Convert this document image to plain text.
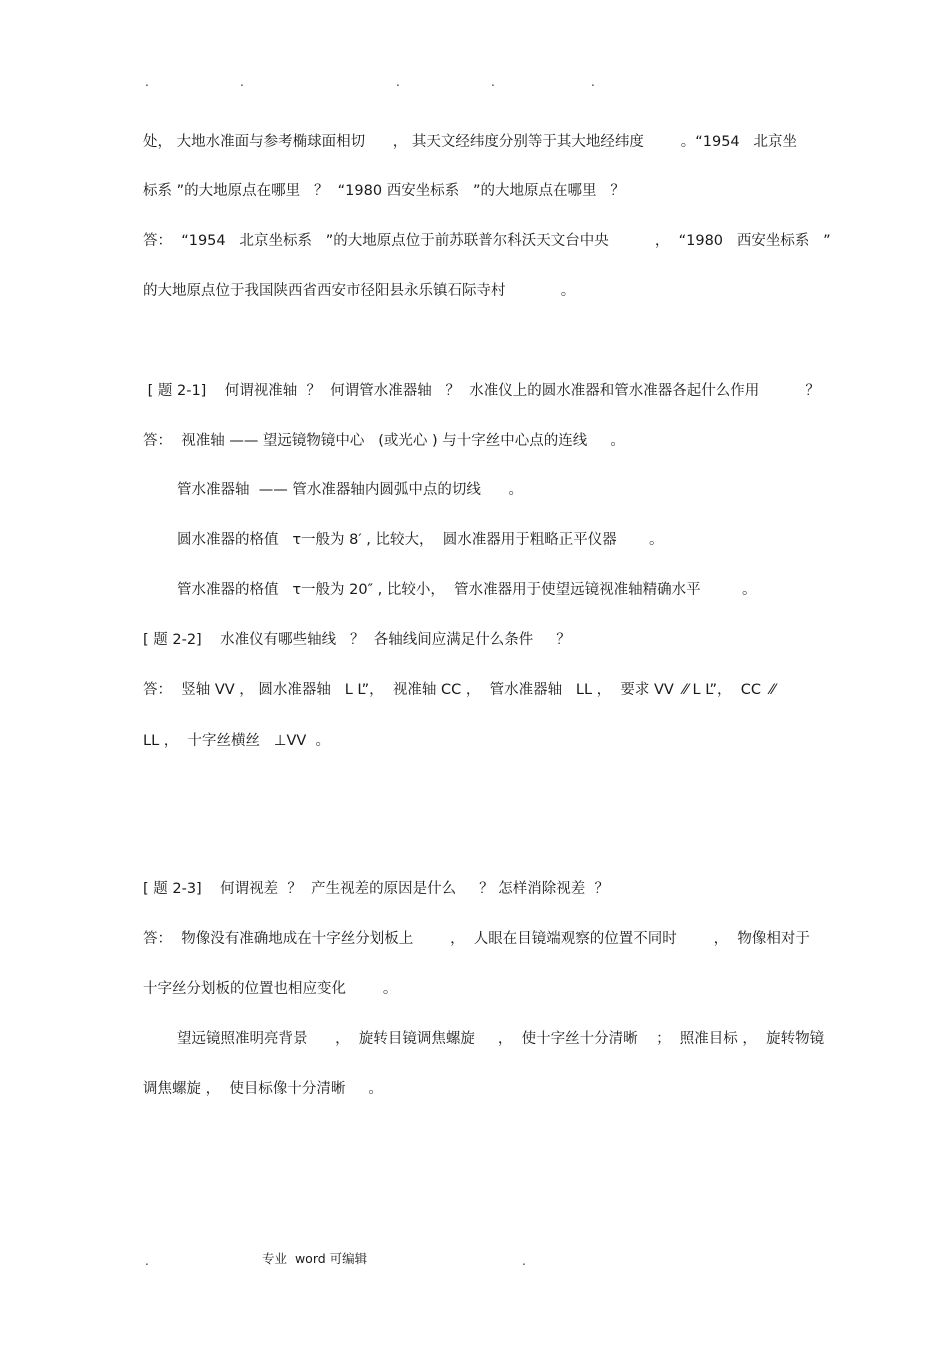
.	.	.	.	.
处， 大地水准面与参考椭球面相切      ， 其天文经纬度分别等于其大地经纬度        。“1954   北京坐
标系 ”的大地原点在哪里   ？  “1980 西安坐标系   ”的大地原点在哪里   ？
答：  “1954   北京坐标系   ”的大地原点位于前苏联普尔科沃天文台中央          ，  “1980   西安坐标系   ”
的大地原点位于我国陕西省西安市径阳县永乐镇石际寺村            。
[ 题 2-1]    何谓视准轴  ？  何谓管水准器轴   ？  水准仪上的圆水准器和管水准器各起什么作用          ？
答：  视准轴 —— 望远镜物镜中心   (或光心 ) 与十字丝中心点的连线     。
管水准器轴  —— 管水准器轴内圆弧中点的切线      。
圆水准器的格值   τ一般为 8′ , 比较大，  圆水准器用于粗略正平仪器       。
管水准器的格值   τ一般为 20″ , 比较小，  管水准器用于使望远镜视准轴精确水平         。
[ 题 2-2]    水准仪有哪些轴线   ？  各轴线间应满足什么条件     ？
答：  竖轴 VV ， 圆水准器轴   L L”，  视准轴 CC ，  管水准器轴   LL ，  要求 VV  ⁄⁄ L L”，  CC  ⁄⁄
LL ，  十字丝横丝   ⊥VV  。
[ 题 2-3]    何谓视差  ？  产生视差的原因是什么     ？ 怎样消除视差  ？
答：  物像没有准确地成在十字丝分划板上        ，  人眼在目镜端观察的位置不同时        ，  物像相对于
十字丝分划板的位置也相应变化        。
望远镜照准明亮背景      ，  旋转目镜调焦螺旋     ，  使十字丝十分清晰    ；  照准目标 ，  旋转物镜
调焦螺旋 ，  使目标像十分清晰     。
.	专业  word 可编辑	.
